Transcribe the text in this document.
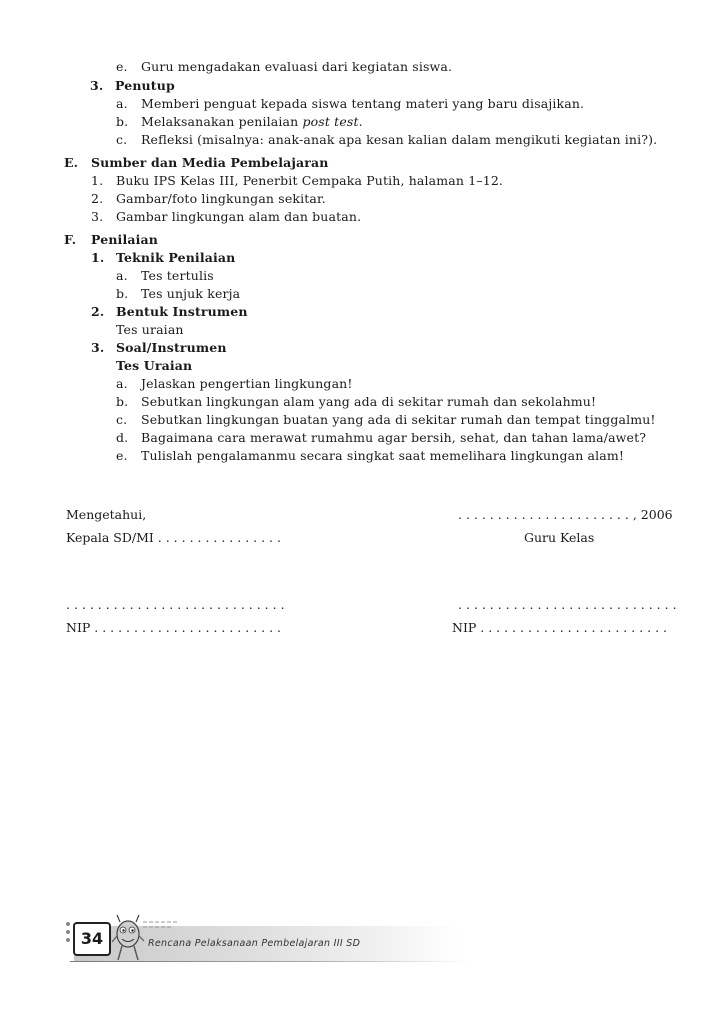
e. Guru mengadakan evaluasi dari kegiatan siswa.
3. Penutup
a. Memberi penguat kepada siswa tentang materi yang baru disajikan.
b. Melaksanakan penilaian post test.
c. Refleksi (misalnya: anak-anak apa kesan kalian dalam mengikuti kegiatan ini?).
E. Sumber dan Media Pembelajaran
1. Buku IPS Kelas III, Penerbit Cempaka Putih, halaman 1–12.
2. Gambar/foto lingkungan sekitar.
3. Gambar lingkungan alam dan buatan.
F. Penilaian
1. Teknik Penilaian
a. Tes tertulis
b. Tes unjuk kerja
2. Bentuk Instrumen
Tes uraian
3. Soal/Instrumen
Tes Uraian
a. Jelaskan pengertian lingkungan!
b. Sebutkan lingkungan alam yang ada di sekitar rumah dan sekolahmu!
c. Sebutkan lingkungan buatan yang ada di sekitar rumah dan tempat tinggalmu!
d. Bagaimana cara merawat rumahmu agar bersih, sehat, dan tahan lama/awet?
e. Tulislah pengalamanmu secara singkat saat memelihara lingkungan alam!
Mengetahui,	. . . . . . . . . . . . . . . . . . . . . . , 2006
Kepala SD/MI . . . . . . . . . . . . . . . .	Guru Kelas
. . . . . . . . . . . . . . . . . . . . . . . . . . . .	. . . . . . . . . . . . . . . . . . . . . . . . . . . .
NIP . . . . . . . . . . . . . . . . . . . . . . . .	NIP . . . . . . . . . . . . . . . . . . . . . . . .
34	Rencana Pelaksanaan Pembelajaran III SD
